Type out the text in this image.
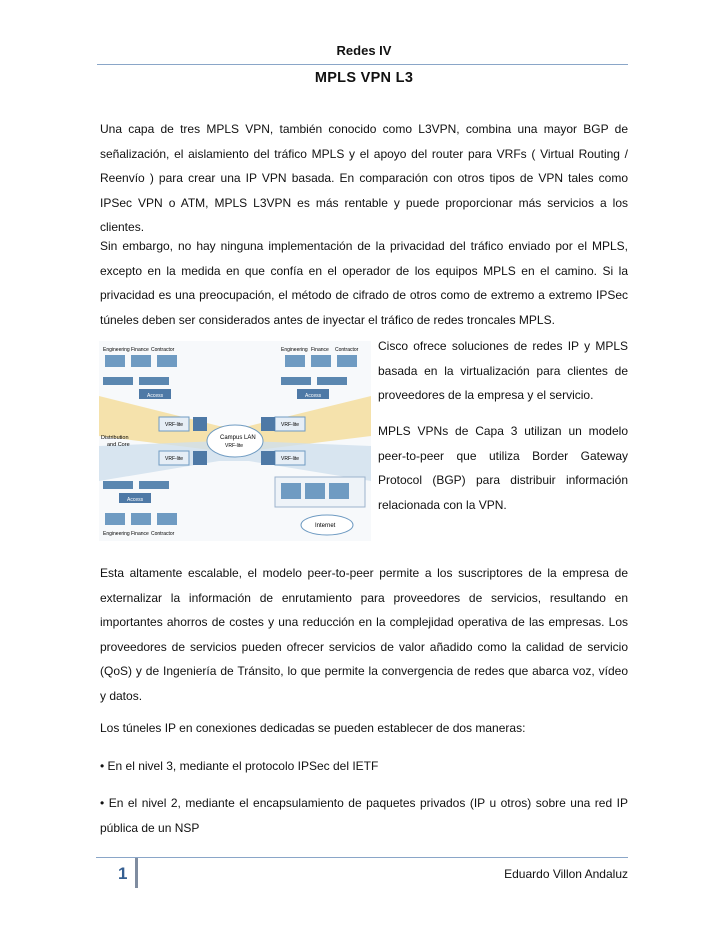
Redes IV
MPLS VPN L3

Una capa de tres MPLS VPN, también conocido como L3VPN, combina una mayor BGP de señalización, el aislamiento del tráfico MPLS y el apoyo del router para VRFs ( Virtual Routing / Reenvío ) para crear una IP VPN basada. En comparación con otros tipos de VPN tales como IPSec VPN o ATM, MPLS L3VPN es más rentable y puede proporcionar más servicios a los clientes.

Sin embargo, no hay ninguna implementación de la privacidad del tráfico enviado por el MPLS, excepto en la medida en que confía en el operador de los equipos MPLS en el camino. Si la privacidad es una preocupación, el método de cifrado de otros como de extremo a extremo IPSec túneles deben ser considerados antes de inyectar el tráfico de redes troncales MPLS.

Engineering Finance Contractor
Access
Engineering Finance Contractor
Access
Distribution
and Core
VRF-lite
VRF-lite
VRF-lite
VRF-lite
Campus LAN
VRF-lite
Access
Engineering Finance Contractor
Internet

Cisco ofrece soluciones de redes IP y MPLS basada en la virtualización para clientes de proveedores de la empresa y el servicio.

MPLS VPNs de Capa 3 utilizan un modelo peer-to-peer que utiliza Border Gateway Protocol (BGP) para distribuir información relacionada con la VPN.

Esta altamente escalable, el modelo peer-to-peer permite a los suscriptores de la empresa de externalizar la información de enrutamiento para proveedores de servicios, resultando en importantes ahorros de costes y una reducción en la complejidad operativa de las empresas. Los proveedores de servicios pueden ofrecer servicios de valor añadido como la calidad de servicio (QoS) y de Ingeniería de Tránsito, lo que permite la convergencia de redes que abarca voz, vídeo y datos.

Los túneles IP en conexiones dedicadas se pueden establecer de dos maneras:

• En el nivel 3, mediante el protocolo IPSec del IETF

• En el nivel 2, mediante el encapsulamiento de paquetes privados (IP u otros) sobre una red IP pública de un NSP

1	Eduardo Villon Andaluz
